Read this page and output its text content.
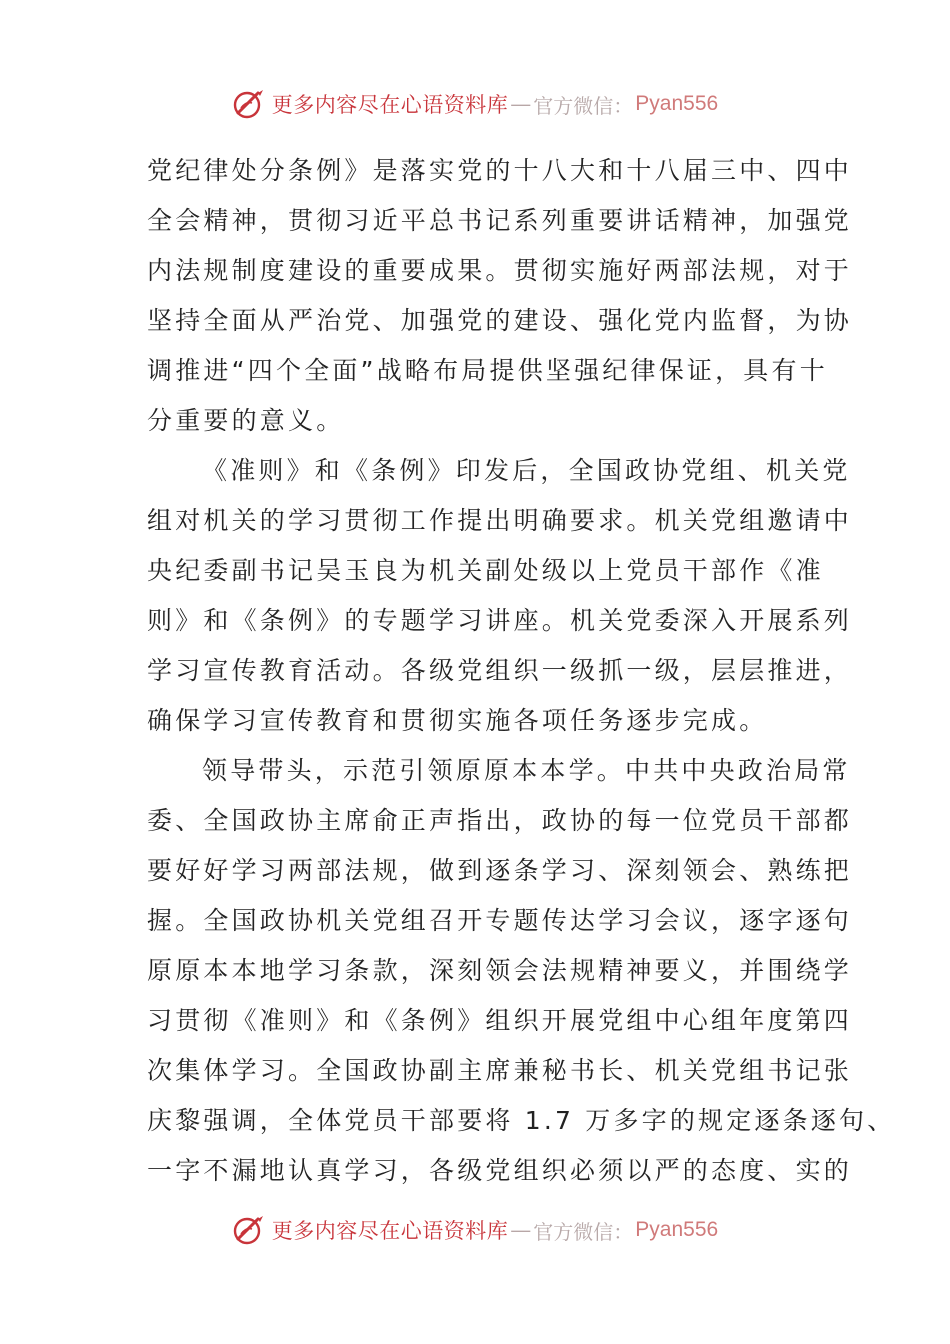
更多内容尽在心语资料库 — 官方微信： Pyan556
党纪律处分条例》是落实党的十八大和十八届三中、四中
全会精神，贯彻习近平总书记系列重要讲话精神，加强党
内法规制度建设的重要成果。贯彻实施好两部法规，对于
坚持全面从严治党、加强党的建设、强化党内监督，为协
调推进“四个全面”战略布局提供坚强纪律保证，具有十
分重要的意义。
《准则》和《条例》印发后，全国政协党组、机关党
组对机关的学习贯彻工作提出明确要求。机关党组邀请中
央纪委副书记吴玉良为机关副处级以上党员干部作《准
则》和《条例》的专题学习讲座。机关党委深入开展系列
学习宣传教育活动。各级党组织一级抓一级，层层推进，
确保学习宣传教育和贯彻实施各项任务逐步完成。
领导带头，示范引领原原本本学。中共中央政治局常
委、全国政协主席俞正声指出，政协的每一位党员干部都
要好好学习两部法规，做到逐条学习、深刻领会、熟练把
握。全国政协机关党组召开专题传达学习会议，逐字逐句
原原本本地学习条款，深刻领会法规精神要义，并围绕学
习贯彻《准则》和《条例》组织开展党组中心组年度第四
次集体学习。全国政协副主席兼秘书长、机关党组书记张
庆黎强调，全体党员干部要将 1.7 万多字的规定逐条逐句、
一字不漏地认真学习，各级党组织必须以严的态度、实的
更多内容尽在心语资料库 — 官方微信： Pyan556
